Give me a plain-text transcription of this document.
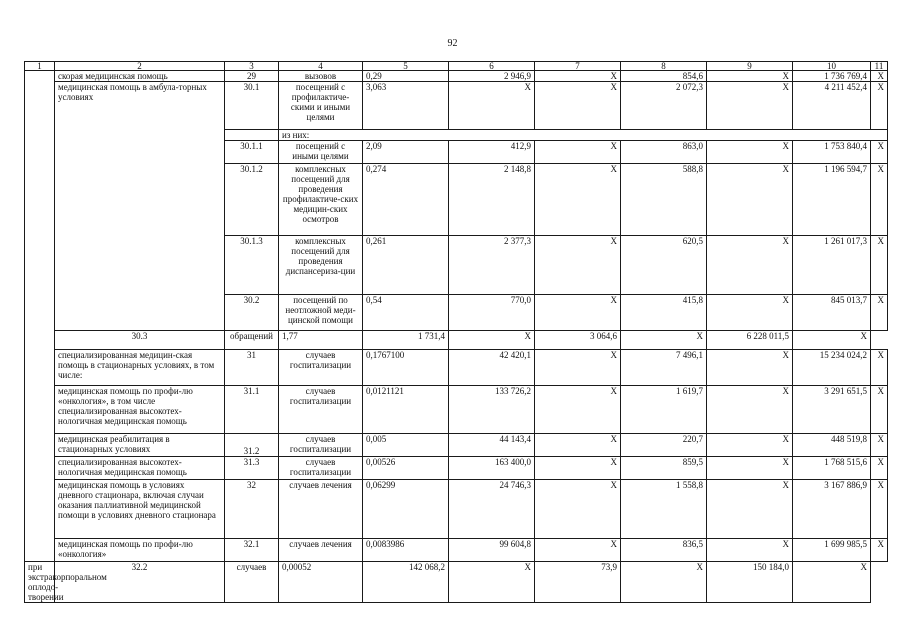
92
1	2	3	4	5	6	7	8	9	10	11
	скорая медицинская помощь	29	вызовов	0,29	2 946,9	X	854,6	X	1 736 769,4	X
	медицинская помощь в амбула-торных условиях	30.1	посещений с профилактиче-скими и иными целями	3,063	X	X	2 072,3	X	4 211 452,4	X
			из них:							
		30.1.1	посещений с иными целями	2,09	412,9	X	863,0	X	1 753 840,4	X
		30.1.2	комплексных посещений для проведения профилактиче-ских медицин-ских осмотров	0,274	2 148,8	X	588,8	X	1 196 594,7	X
		30.1.3	комплексных посещений для проведения диспансериза-ции	0,261	2 377,3	X	620,5	X	1 261 017,3	X
		30.2	посещений по неотложной меди-цинской помощи	0,54	770,0	X	415,8	X	845 013,7	X
	30.3	обращений	1,77	1 731,4	X	3 064,6	X	6 228 011,5	X	
	специализированная медицин-ская помощь в стационарных условиях, в том числе:	31	случаев госпитализации	0,1767100	42 420,1	X	7 496,1	X	15 234 024,2	X
	медицинская помощь по профи-лю «онкология», в том числе специализированная высокотех-нологичная медицинская помощь	31.1	случаев госпитализации	0,0121121	133 726,2	X	1 619,7	X	3 291 651,5	X
	медицинская реабилитация в стационарных условиях	31.2	случаев госпитализации	0,005	44 143,4	X	220,7	X	448 519,8	X
	специализированная высокотех-нологичная медицинская помощь	31.3	случаев госпитализации	0,00526	163 400,0	X	859,5	X	1 768 515,6	X
	медицинская помощь в условиях дневного стационара, включая случаи оказания паллиативной медицинской помощи в условиях дневного стационара	32	случаев лечения	0,06299	24 746,3	X	1 558,8	X	3 167 886,9	X
	медицинская помощь по профи-лю «онкология»	32.1	случаев лечения	0,0083986	99 604,8	X	836,5	X	1 699 985,5	X
при экстракорпоральном оплодо-творении	32.2	случаев	0,00052	142 068,2	X	73,9	X	150 184,0	X	
